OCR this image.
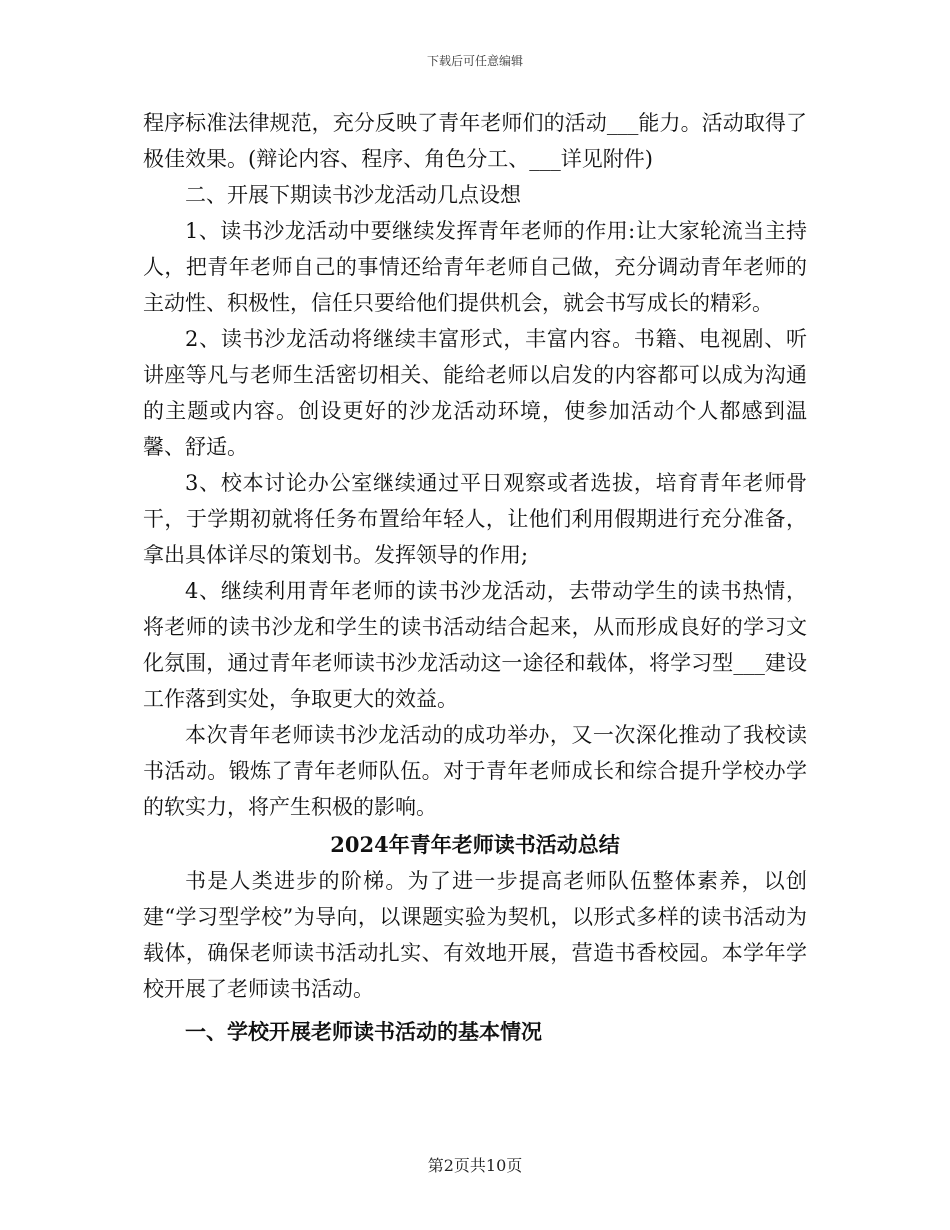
下载后可任意编辑

程序标准法律规范，充分反映了青年老师们的活动___能力。活动取得了极佳效果。(辩论内容、程序、角色分工、___详见附件)

二、开展下期读书沙龙活动几点设想

1、读书沙龙活动中要继续发挥青年老师的作用:让大家轮流当主持人，把青年老师自己的事情还给青年老师自己做，充分调动青年老师的主动性、积极性，信任只要给他们提供机会，就会书写成长的精彩。

2、读书沙龙活动将继续丰富形式，丰富内容。书籍、电视剧、听讲座等凡与老师生活密切相关、能给老师以启发的内容都可以成为沟通的主题或内容。创设更好的沙龙活动环境，使参加活动个人都感到温馨、舒适。

3、校本讨论办公室继续通过平日观察或者选拔，培育青年老师骨干，于学期初就将任务布置给年轻人，让他们利用假期进行充分准备，拿出具体详尽的策划书。发挥领导的作用;

4、继续利用青年老师的读书沙龙活动，去带动学生的读书热情，将老师的读书沙龙和学生的读书活动结合起来，从而形成良好的学习文化氛围，通过青年老师读书沙龙活动这一途径和载体，将学习型___建设工作落到实处，争取更大的效益。

本次青年老师读书沙龙活动的成功举办，又一次深化推动了我校读书活动。锻炼了青年老师队伍。对于青年老师成长和综合提升学校办学的软实力，将产生积极的影响。

2024年青年老师读书活动总结

书是人类进步的阶梯。为了进一步提高老师队伍整体素养，以创建“学习型学校”为导向，以课题实验为契机，以形式多样的读书活动为载体，确保老师读书活动扎实、有效地开展，营造书香校园。本学年学校开展了老师读书活动。

一、学校开展老师读书活动的基本情况

第2页共10页
